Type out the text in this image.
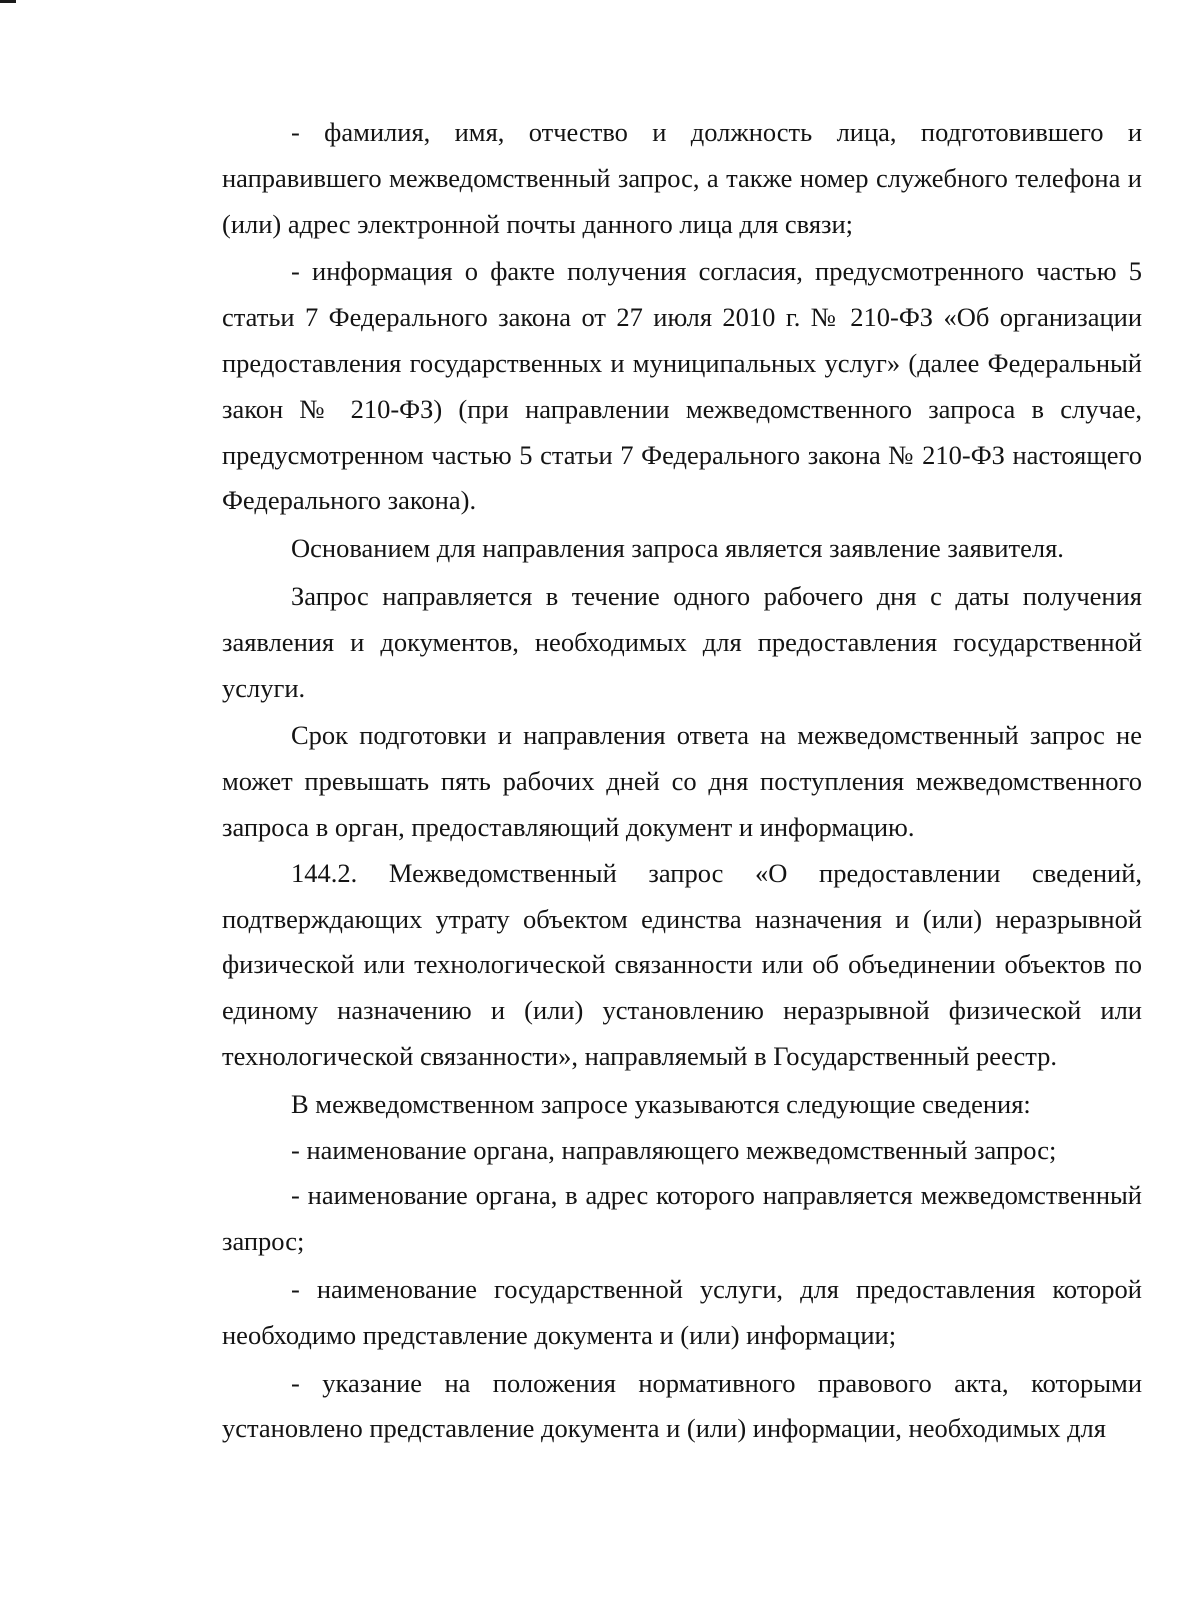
- фамилия, имя, отчество и должность лица, подготовившего и направившего межведомственный запрос, а также номер служебного телефона и (или) адрес электронной почты данного лица для связи;

- информация о факте получения согласия, предусмотренного частью 5 статьи 7 Федерального закона от 27 июля 2010 г. № 210-ФЗ «Об организации предоставления государственных и муниципальных услуг» (далее Федеральный закон № 210-ФЗ) (при направлении межведомственного запроса в случае, предусмотренном частью 5 статьи 7 Федерального закона № 210-ФЗ настоящего Федерального закона).

Основанием для направления запроса является заявление заявителя.

Запрос направляется в течение одного рабочего дня с даты получения заявления и документов, необходимых для предоставления государственной услуги.

Срок подготовки и направления ответа на межведомственный запрос не может превышать пять рабочих дней со дня поступления межведомственного запроса в орган, предоставляющий документ и информацию.

144.2. Межведомственный запрос «О предоставлении сведений, подтверждающих утрату объектом единства назначения и (или) неразрывной физической или технологической связанности или об объединении объектов по единому назначению и (или) установлению неразрывной физической или технологической связанности», направляемый в Государственный реестр.

В межведомственном запросе указываются следующие сведения:

- наименование органа, направляющего межведомственный запрос;

- наименование органа, в адрес которого направляется межведомственный запрос;

- наименование государственной услуги, для предоставления которой необходимо представление документа и (или) информации;

- указание на положения нормативного правового акта, которыми установлено представление документа и (или) информации, необходимых для
